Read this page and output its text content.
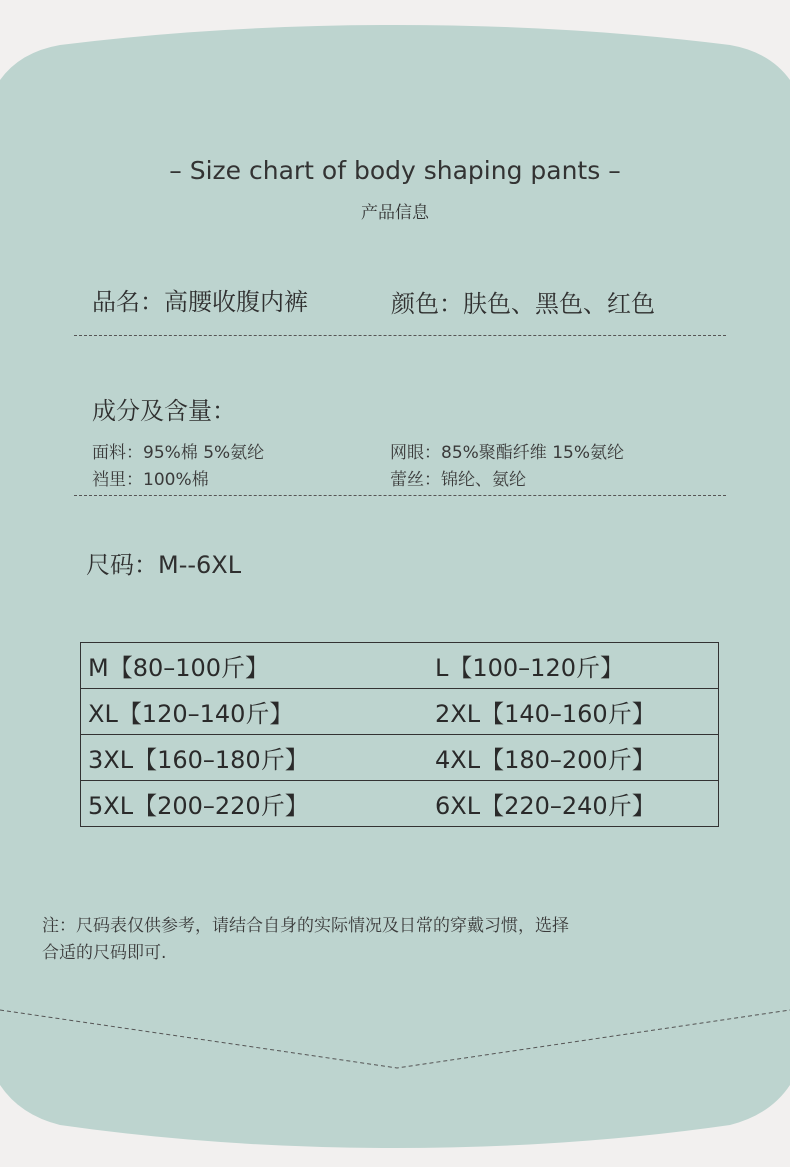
– Size chart of body shaping pants –
产品信息
品名：高腰收腹内裤	颜色：肤色、黑色、红色
成分及含量：
面料：95%棉 5%氨纶	网眼：85%聚酯纤维 15%氨纶
裆里：100%棉	蕾丝：锦纶、氨纶
尺码：M--6XL
M【80–100斤】	L【100–120斤】
XL【120–140斤】	2XL【140–160斤】
3XL【160–180斤】	4XL【180–200斤】
5XL【200–220斤】	6XL【220–240斤】
注：尺码表仅供参考，请结合自身的实际情况及日常的穿戴习惯，选择
合适的尺码即可.
